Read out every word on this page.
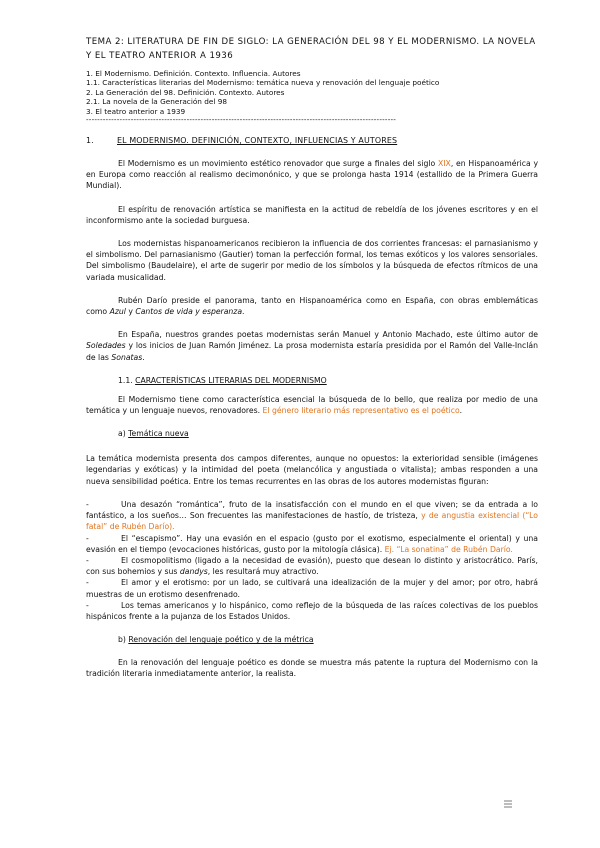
TEMA 2: LITERATURA DE FIN DE SIGLO: LA GENERACIÓN DEL 98 Y EL MODERNISMO. LA NOVELA Y EL TEATRO ANTERIOR A 1936
1. El Modernismo. Definición. Contexto. Influencia. Autores
1.1. Características literarias del Modernismo: temática nueva y renovación del lenguaje poético
2. La Generación del 98. Definición. Contexto. Autores
2.1. La novela de la Generación del 98
3. El teatro anterior a 1939
---------------------------------------------------------------------------------------------------------------
1.	EL MODERNISMO. DEFINICIÓN, CONTEXTO, INFLUENCIAS Y AUTORES

El Modernismo es un movimiento estético renovador que surge a finales del siglo XIX, en Hispanoamérica y en Europa como reacción al realismo decimonónico, y que se prolonga hasta 1914 (estallido de la Primera Guerra Mundial).

El espíritu de renovación artística se manifiesta en la actitud de rebeldía de los jóvenes escritores y en el inconformismo ante la sociedad burguesa.

Los modernistas hispanoamericanos recibieron la influencia de dos corrientes francesas: el parnasianismo y el simbolismo. Del parnasianismo (Gautier) toman la perfección formal, los temas exóticos y los valores sensoriales. Del simbolismo (Baudelaire), el arte de sugerir por medio de los símbolos y la búsqueda de efectos rítmicos de una variada musicalidad.

Rubén Darío preside el panorama, tanto en Hispanoamérica como en España, con obras emblemáticas como Azul y Cantos de vida y esperanza.

En España, nuestros grandes poetas modernistas serán Manuel y Antonio Machado, este último autor de Soledades y los inicios de Juan Ramón Jiménez. La prosa modernista estaría presidida por el Ramón del Valle-Inclán de las Sonatas.

1.1. CARACTERÍSTICAS LITERARIAS DEL MODERNISMO

El Modernismo tiene como característica esencial la búsqueda de lo bello, que realiza por medio de una temática y un lenguaje nuevos, renovadores. El género literario más representativo es el poético.

a) Temática nueva

La temática modernista presenta dos campos diferentes, aunque no opuestos: la exterioridad sensible (imágenes legendarias y exóticas) y la intimidad del poeta (melancólica y angustiada o vitalista); ambas responden a una nueva sensibilidad poética. Entre los temas recurrentes en las obras de los autores modernistas figuran:

-	Una desazón “romántica”, fruto de la insatisfacción con el mundo en el que viven; se da entrada a lo fantástico, a los sueños… Son frecuentes las manifestaciones de hastío, de tristeza, y de angustia existencial (“Lo fatal” de Rubén Darío).
-	El “escapismo”. Hay una evasión en el espacio (gusto por el exotismo, especialmente el oriental) y una evasión en el tiempo (evocaciones históricas, gusto por la mitología clásica). Ej. “La sonatina” de Rubén Darío.
-	El cosmopolitismo (ligado a la necesidad de evasión), puesto que desean lo distinto y aristocrático. París, con sus bohemios y sus dandys, les resultará muy atractivo.
-	El amor y el erotismo: por un lado, se cultivará una idealización de la mujer y del amor; por otro, habrá muestras de un erotismo desenfrenado.
-	Los temas americanos y lo hispánico, como reflejo de la búsqueda de las raíces colectivas de los pueblos hispánicos frente a la pujanza de los Estados Unidos.
b) Renovación del lenguaje poético y de la métrica

En la renovación del lenguaje poético es donde se muestra más patente la ruptura del Modernismo con la tradición literaria inmediatamente anterior, la realista.
